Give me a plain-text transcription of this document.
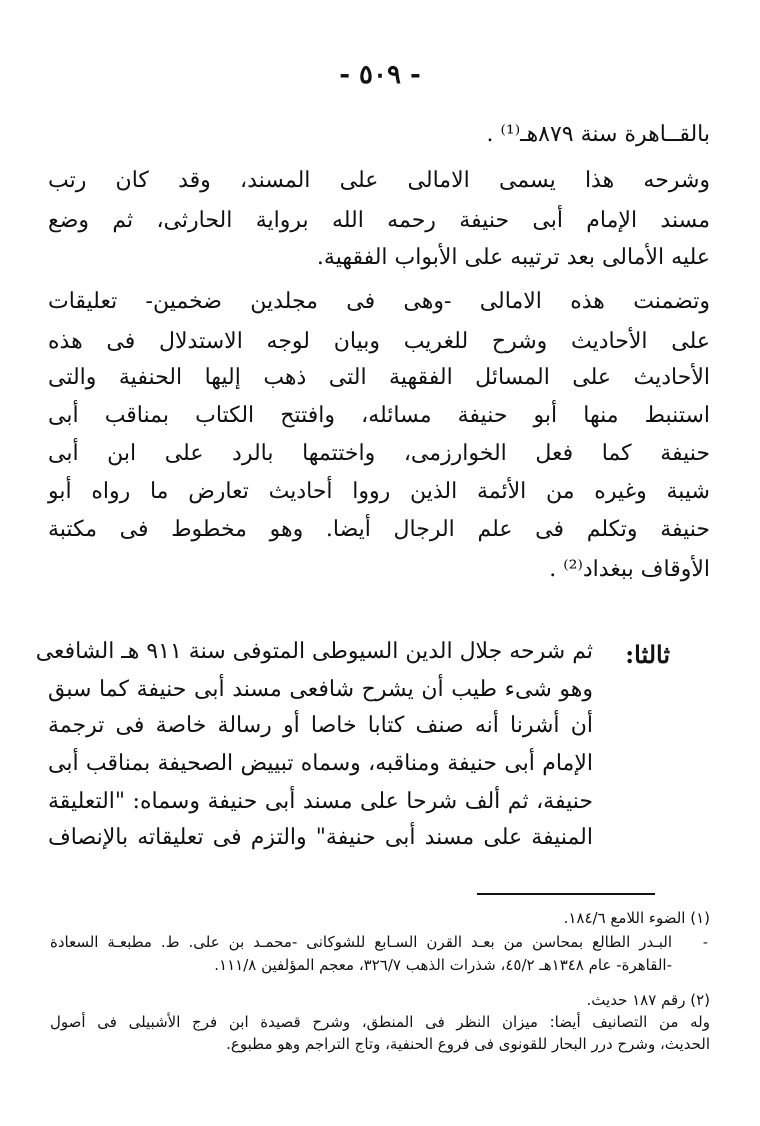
- ٥٠٩ -
بالقــاهرة سنة ٨٧٩هـ⁽¹⁾ .
وشرحه هذا يسمى الامالى على المسند، وقد كان رتب
مسند الإمام أبى حنيفة رحمه الله برواية الحارثى، ثم وضع
عليه الأمالى بعد ترتيبه على الأبواب الفقهية.
وتضمنت هذه الامالى -وهى فى مجلدين ضخمين- تعليقات
على الأحاديث وشرح للغريب وبيان لوجه الاستدلال فى هذه
الأحاديث على المسائل الفقهية التى ذهب إليها الحنفية والتى
استنبط منها أبو حنيفة مسائله، وافتتح الكتاب بمناقب أبى
حنيفة كما فعل الخوارزمى، واختتمها بالرد على ابن أبى
شيبة وغيره من الأئمة الذين رووا أحاديث تعارض ما رواه أبو
حنيفة وتكلم فى علم الرجال أيضا. وهو مخطوط فى مكتبة
الأوقاف ببغداد⁽²⁾ .
ثالثا:
ثم شرحه جلال الدين السيوطى المتوفى سنة ٩١١ هـ الشافعى
وهو شىء طيب أن يشرح شافعى مسند أبى حنيفة كما سبق
أن أشرنا أنه صنف كتابا خاصا أو رسالة خاصة فى ترجمة
الإمام أبى حنيفة ومناقبه، وسماه تبييض الصحيفة بمناقب أبى
حنيفة، ثم ألف شرحا على مسند أبى حنيفة وسماه: "التعليقة
المنيفة على مسند أبى حنيفة" والتزم فى تعليقاته بالإنصاف
(١) الضوء اللامع ١٨٤/٦.
-
البـدر الطالع بمحاسن من بعـد القرن السـابع للشوكانى -محمـد بن على. ط. مطبعـة السعادة
-القاهرة- عام ١٣٤٨هـ ٤٥/٢، شذرات الذهب ٣٢٦/٧، معجم المؤلفين ١١١/٨.
(٢) رقم ١٨٧ حديث.
وله من التصانيف أيضا: ميزان النظر فى المنطق، وشرح قصيدة ابن فرج الأشبيلى فى أصول
الحديث، وشرح درر البحار للقونوى فى فروع الحنفية، وتاج التراجم وهو مطبوع.
